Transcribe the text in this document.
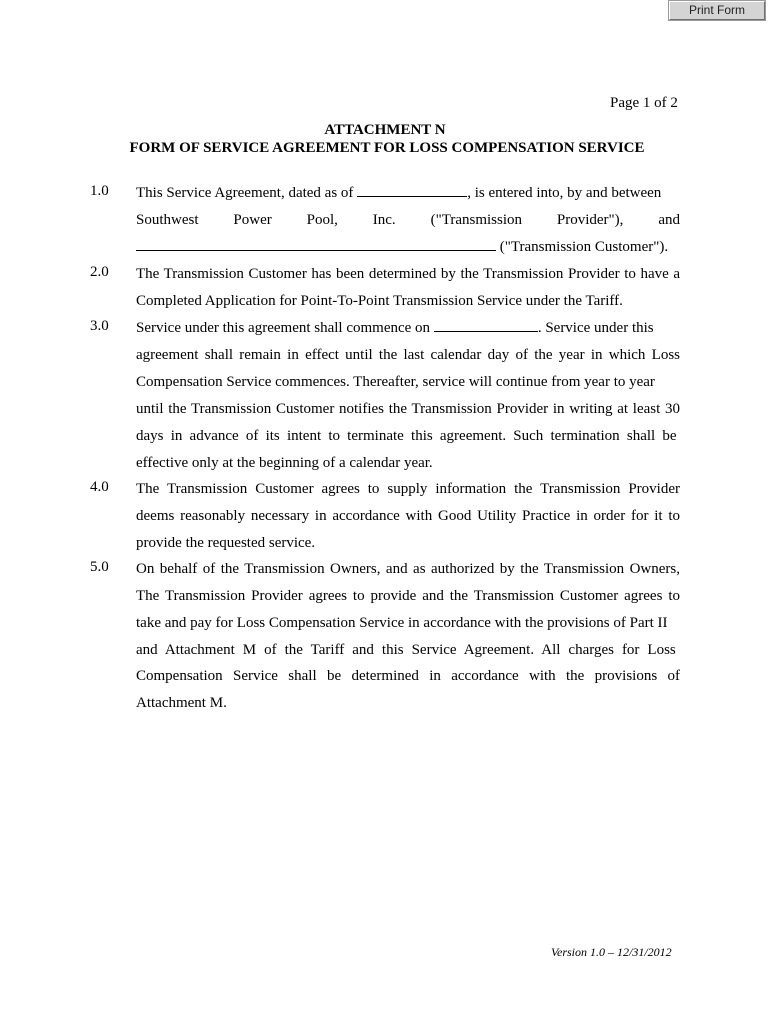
Print Form
Page 1 of 2
ATTACHMENT N
FORM OF SERVICE AGREEMENT FOR LOSS COMPENSATION SERVICE
1.0 This Service Agreement, dated as of	, is entered into, by and between
Southwest Power Pool, Inc. ("Transmission Provider"), and
("Transmission Customer").
2.0 The Transmission Customer has been determined by the Transmission Provider to have a
Completed Application for Point-To-Point Transmission Service under the Tariff.
3.0 Service under this agreement shall commence on	. Service under this
agreement shall remain in effect until the last calendar day of the year in which Loss
Compensation Service commences. Thereafter, service will continue from year to year
until the Transmission Customer notifies the Transmission Provider in writing at least 30
days in advance of its intent to terminate this agreement. Such termination shall be
effective only at the beginning of a calendar year.
4.0 The Transmission Customer agrees to supply information the Transmission Provider
deems reasonably necessary in accordance with Good Utility Practice in order for it to
provide the requested service.
5.0 On behalf of the Transmission Owners, and as authorized by the Transmission Owners,
The Transmission Provider agrees to provide and the Transmission Customer agrees to
take and pay for Loss Compensation Service in accordance with the provisions of Part II
and Attachment M of the Tariff and this Service Agreement. All charges for Loss
Compensation Service shall be determined in accordance with the provisions of
Attachment M.
Version 1.0 – 12/31/2012
